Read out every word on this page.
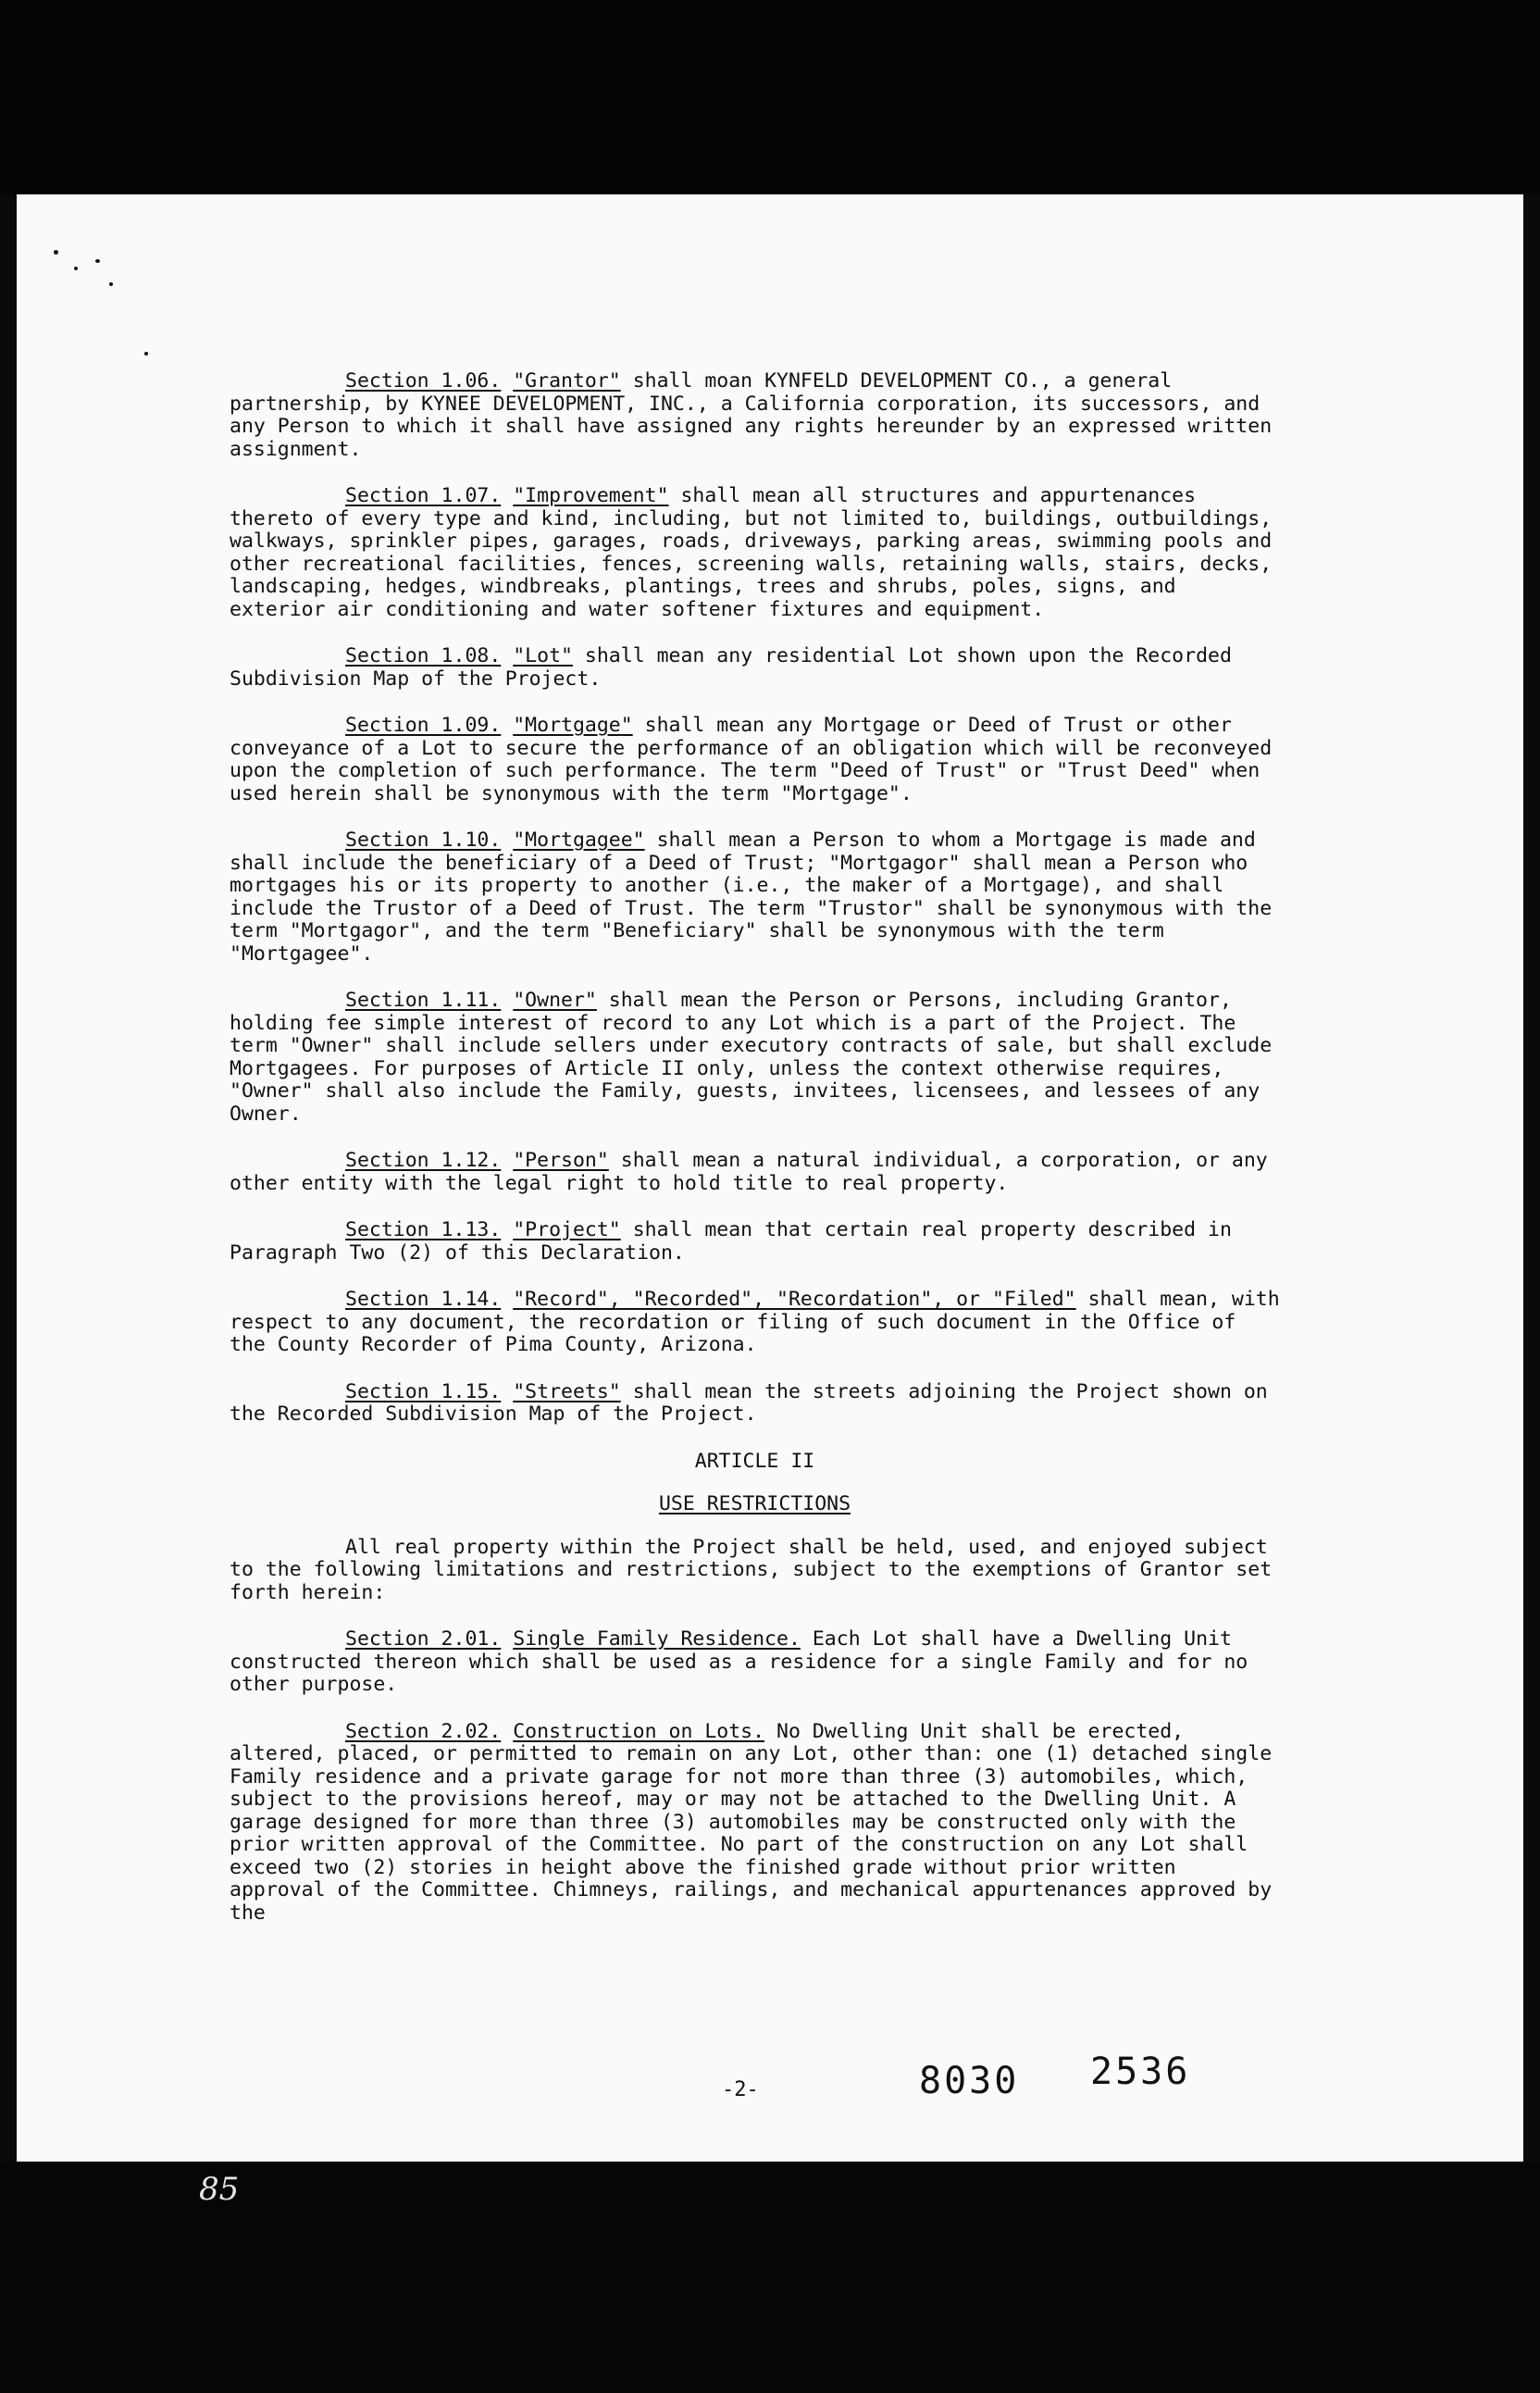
85

Section 1.06. "Grantor" shall moan KYNFELD DEVELOPMENT CO., a general partnership, by KYNEE DEVELOPMENT, INC., a California corporation, its successors, and any Person to which it shall have assigned any rights hereunder by an expressed written assignment.

Section 1.07. "Improvement" shall mean all structures and appurtenances thereto of every type and kind, including, but not limited to, buildings, outbuildings, walkways, sprinkler pipes, garages, roads, driveways, parking areas, swimming pools and other recreational facilities, fences, screening walls, retaining walls, stairs, decks, landscaping, hedges, windbreaks, plantings, trees and shrubs, poles, signs, and exterior air conditioning and water softener fixtures and equipment.

Section 1.08. "Lot" shall mean any residential Lot shown upon the Recorded Subdivision Map of the Project.

Section 1.09. "Mortgage" shall mean any Mortgage or Deed of Trust or other conveyance of a Lot to secure the performance of an obligation which will be reconveyed upon the completion of such performance. The term "Deed of Trust" or "Trust Deed" when used herein shall be synonymous with the term "Mortgage".

Section 1.10. "Mortgagee" shall mean a Person to whom a Mortgage is made and shall include the beneficiary of a Deed of Trust; "Mortgagor" shall mean a Person who mortgages his or its property to another (i.e., the maker of a Mortgage), and shall include the Trustor of a Deed of Trust. The term "Trustor" shall be synonymous with the term "Mortgagor", and the term "Beneficiary" shall be synonymous with the term "Mortgagee".

Section 1.11. "Owner" shall mean the Person or Persons, including Grantor, holding fee simple interest of record to any Lot which is a part of the Project. The term "Owner" shall include sellers under executory contracts of sale, but shall exclude Mortgagees. For purposes of Article II only, unless the context otherwise requires, "Owner" shall also include the Family, guests, invitees, licensees, and lessees of any Owner.

Section 1.12. "Person" shall mean a natural individual, a corporation, or any other entity with the legal right to hold title to real property.

Section 1.13. "Project" shall mean that certain real property described in Paragraph Two (2) of this Declaration.

Section 1.14. "Record", "Recorded", "Recordation", or "Filed" shall mean, with respect to any document, the recordation or filing of such document in the Office of the County Recorder of Pima County, Arizona.

Section 1.15. "Streets" shall mean the streets adjoining the Project shown on the Recorded Subdivision Map of the Project.

ARTICLE II
USE RESTRICTIONS

All real property within the Project shall be held, used, and enjoyed subject to the following limitations and restrictions, subject to the exemptions of Grantor set forth herein:

Section 2.01. Single Family Residence. Each Lot shall have a Dwelling Unit constructed thereon which shall be used as a residence for a single Family and for no other purpose.

Section 2.02. Construction on Lots. No Dwelling Unit shall be erected, altered, placed, or permitted to remain on any Lot, other than: one (1) detached single Family residence and a private garage for not more than three (3) automobiles, which, subject to the provisions hereof, may or may not be attached to the Dwelling Unit. A garage designed for more than three (3) automobiles may be constructed only with the prior written approval of the Committee. No part of the construction on any Lot shall exceed two (2) stories in height above the finished grade without prior written approval of the Committee. Chimneys, railings, and mechanical appurtenances approved by the

-2-	8030 2536
